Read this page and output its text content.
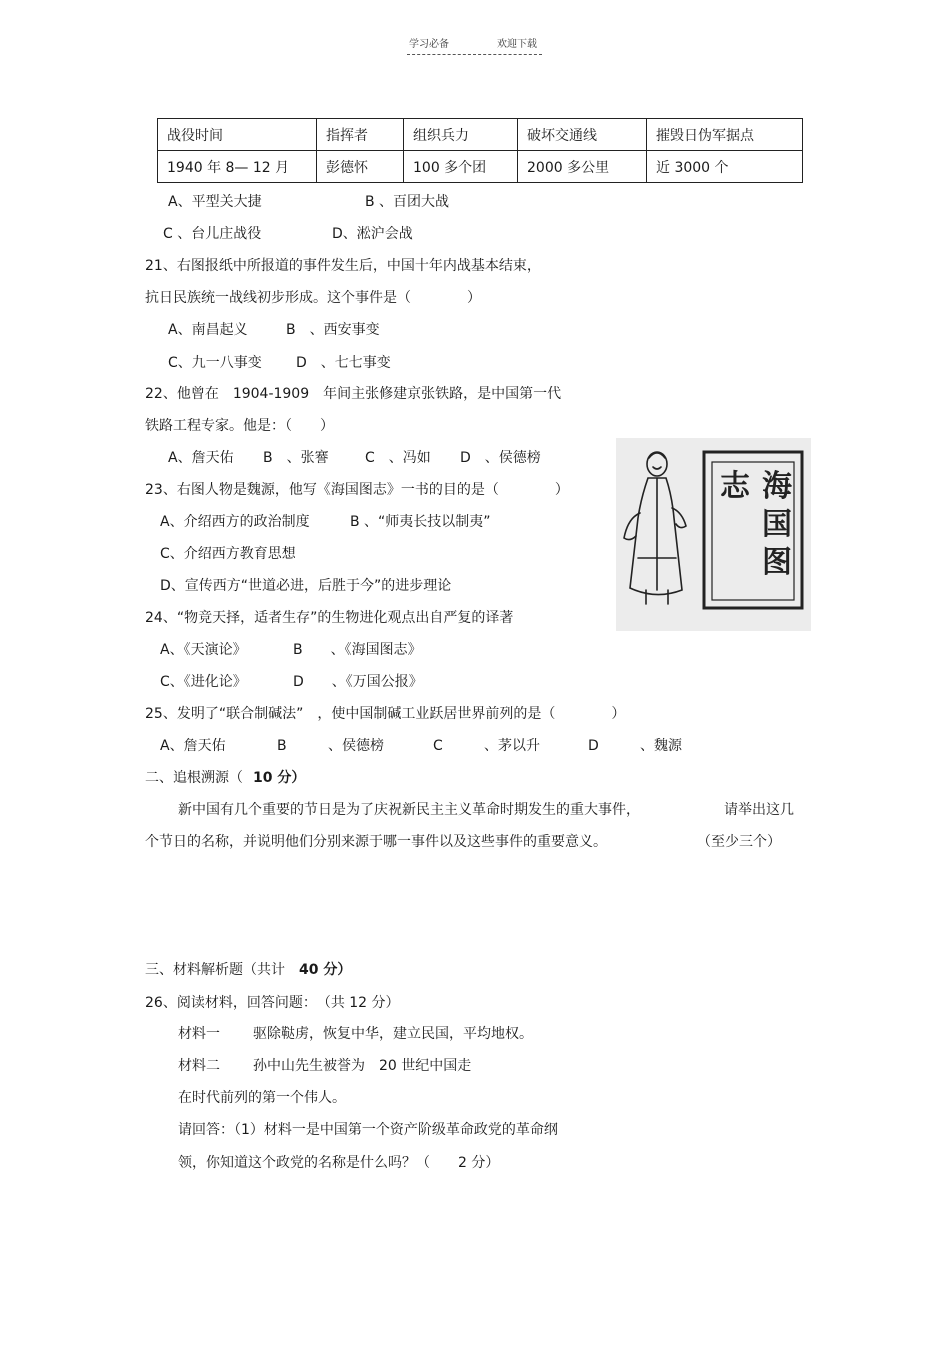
学习必备	欢迎下载
战役时间	指挥者	组织兵力	破坏交通线	摧毁日伪军据点
1940 年 8— 12 月	彭德怀	100 多个团	2000 多公里	近 3000 个
A、平型关大捷	B 、百团大战
C 、台儿庄战役	D、淞沪会战
21、右图报纸中所报道的事件发生后，中国十年内战基本结束，
抗日民族统一战线初步形成。这个事件是（　　　　）
A、南昌起义	B　、西安事变
C、九一八事变 D　、七七事变
22、他曾在　1904-1909　年间主张修建京张铁路，是中国第一代
铁路工程专家。他是：（　　）
A、詹天佑 B　、张謇	C　、冯如 D　、侯德榜
23、右图人物是魏源，他写《海国图志》一书的目的是（　　　　）
A、介绍西方的政治制度	B 、“师夷长技以制夷”
C、介绍西方教育思想
D、宣传西方“世道必进，后胜于今”的进步理论
海
国
图
志
24、“物竞天择，适者生存”的生物进化观点出自严复的译著
A、《天演论》	B　　、《海国图志》
C、《进化论》	D　　、《万国公报》
25、发明了“联合制碱法”　，使中国制碱工业跃居世界前列的是（　　　　）
A、詹天佑	B	、侯德榜	C	、茅以升	D	、魏源
二、追根溯源（ 10 分）
新中国有几个重要的节日是为了庆祝新民主主义革命时期发生的重大事件，	请举出这几
个节日的名称，并说明他们分别来源于哪一事件以及这些事件的重要意义。	（至少三个）
三、材料解析题（共计 40 分）
26、阅读材料，回答问题：　（共 12 分）
材料一 驱除鞑虏，恢复中华，建立民国，平均地权。
材料二 孙中山先生被誉为　20 世纪中国走
在时代前列的第一个伟人。
请回答：（1）材料一是中国第一个资产阶级革命政党的革命纲
领，你知道这个政党的名称是什么吗？（　　2 分）
